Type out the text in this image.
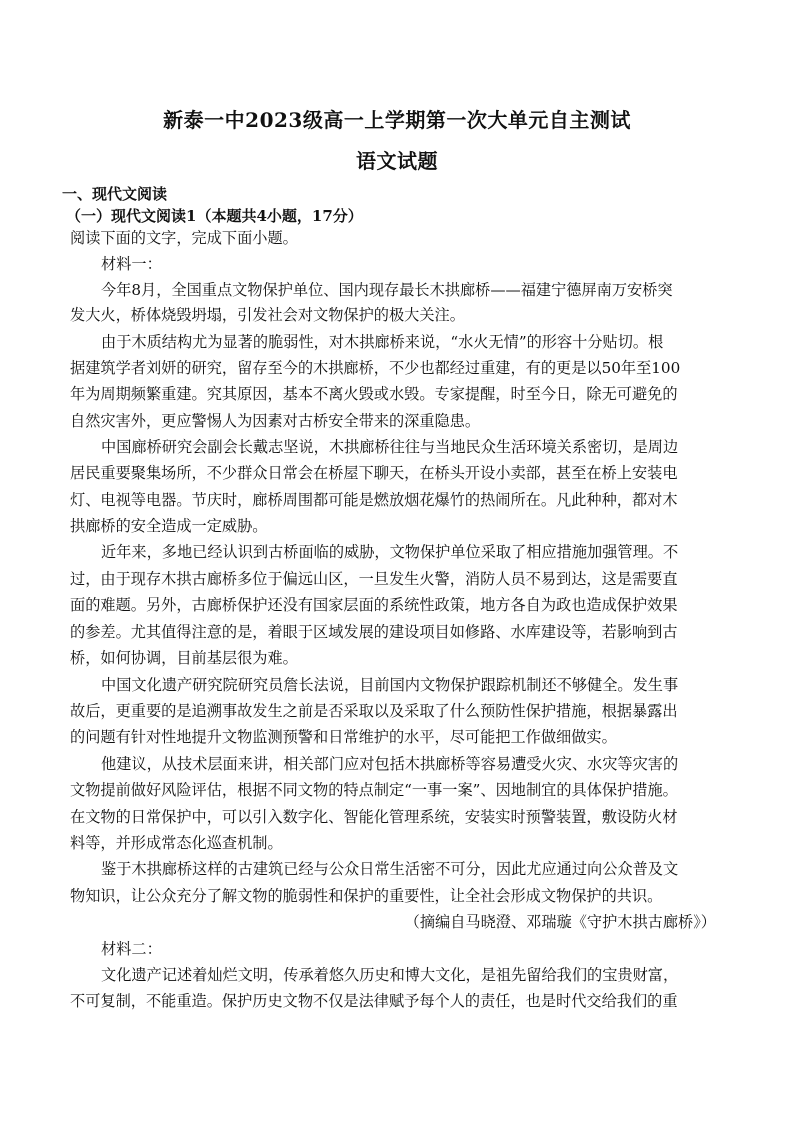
新泰一中2023级高一上学期第一次大单元自主测试
语文试题
一、现代文阅读
（一）现代文阅读1（本题共4小题，17分）
阅读下面的文字，完成下面小题。
材料一：
今年8月，全国重点文物保护单位、国内现存最长木拱廊桥——福建宁德屏南万安桥突
发大火，桥体烧毁坍塌，引发社会对文物保护的极大关注。
由于木质结构尤为显著的脆弱性，对木拱廊桥来说，“水火无情”的形容十分贴切。根
据建筑学者刘妍的研究，留存至今的木拱廊桥，不少也都经过重建，有的更是以50年至100
年为周期频繁重建。究其原因，基本不离火毁或水毁。专家提醒，时至今日，除无可避免的
自然灾害外，更应警惕人为因素对古桥安全带来的深重隐患。
中国廊桥研究会副会长戴志坚说，木拱廊桥往往与当地民众生活环境关系密切，是周边
居民重要聚集场所，不少群众日常会在桥屋下聊天，在桥头开设小卖部，甚至在桥上安装电
灯、电视等电器。节庆时，廊桥周围都可能是燃放烟花爆竹的热闹所在。凡此种种，都对木
拱廊桥的安全造成一定威胁。
近年来，多地已经认识到古桥面临的威胁，文物保护单位采取了相应措施加强管理。不
过，由于现存木拱古廊桥多位于偏远山区，一旦发生火警，消防人员不易到达，这是需要直
面的难题。另外，古廊桥保护还没有国家层面的系统性政策，地方各自为政也造成保护效果
的参差。尤其值得注意的是，着眼于区域发展的建设项目如修路、水库建设等，若影响到古
桥，如何协调，目前基层很为难。
中国文化遗产研究院研究员詹长法说，目前国内文物保护跟踪机制还不够健全。发生事
故后，更重要的是追溯事故发生之前是否采取以及采取了什么预防性保护措施，根据暴露出
的问题有针对性地提升文物监测预警和日常维护的水平，尽可能把工作做细做实。
他建议，从技术层面来讲，相关部门应对包括木拱廊桥等容易遭受火灾、水灾等灾害的
文物提前做好风险评估，根据不同文物的特点制定“一事一案”、因地制宜的具体保护措施。
在文物的日常保护中，可以引入数字化、智能化管理系统，安装实时预警装置，敷设防火材
料等，并形成常态化巡查机制。
鉴于木拱廊桥这样的古建筑已经与公众日常生活密不可分，因此尤应通过向公众普及文
物知识，让公众充分了解文物的脆弱性和保护的重要性，让全社会形成文物保护的共识。
（摘编自马晓澄、邓瑞璇《守护木拱古廊桥》）
材料二：
文化遗产记述着灿烂文明，传承着悠久历史和博大文化，是祖先留给我们的宝贵财富，
不可复制，不能重造。保护历史文物不仅是法律赋予每个人的责任，也是时代交给我们的重
